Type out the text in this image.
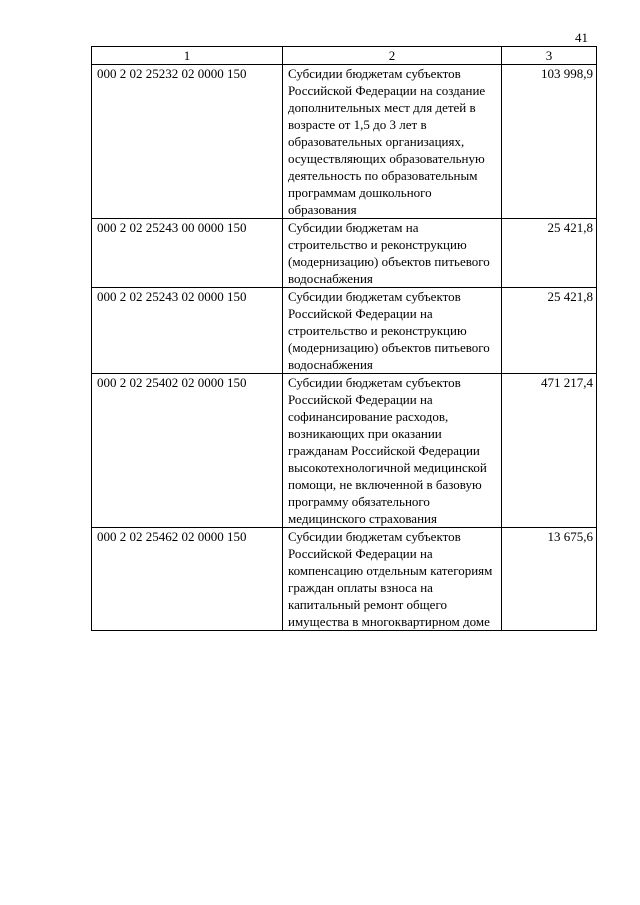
41
1	2	3
000 2 02 25232 02 0000 150	Субсидии бюджетам субъектов Российской Федерации на создание дополнительных мест для детей в возрасте от 1,5 до 3 лет в образовательных организациях, осуществляющих образовательную деятельность по образовательным программам дошкольного образования	103 998,9
000 2 02 25243 00 0000 150	Субсидии бюджетам на строительство и реконструкцию (модернизацию) объектов питьевого водоснабжения	25 421,8
000 2 02 25243 02 0000 150	Субсидии бюджетам субъектов Российской Федерации на строительство и реконструкцию (модернизацию) объектов питьевого водоснабжения	25 421,8
000 2 02 25402 02 0000 150	Субсидии бюджетам субъектов Российской Федерации на софинансирование расходов, возникающих при оказании гражданам Российской Федерации высокотехнологичной медицинской помощи, не включенной в базовую программу обязательного медицинского страхования	471 217,4
000 2 02 25462 02 0000 150	Субсидии бюджетам субъектов Российской Федерации на компенсацию отдельным категориям граждан оплаты взноса на капитальный ремонт общего имущества в многоквартирном доме	13 675,6
